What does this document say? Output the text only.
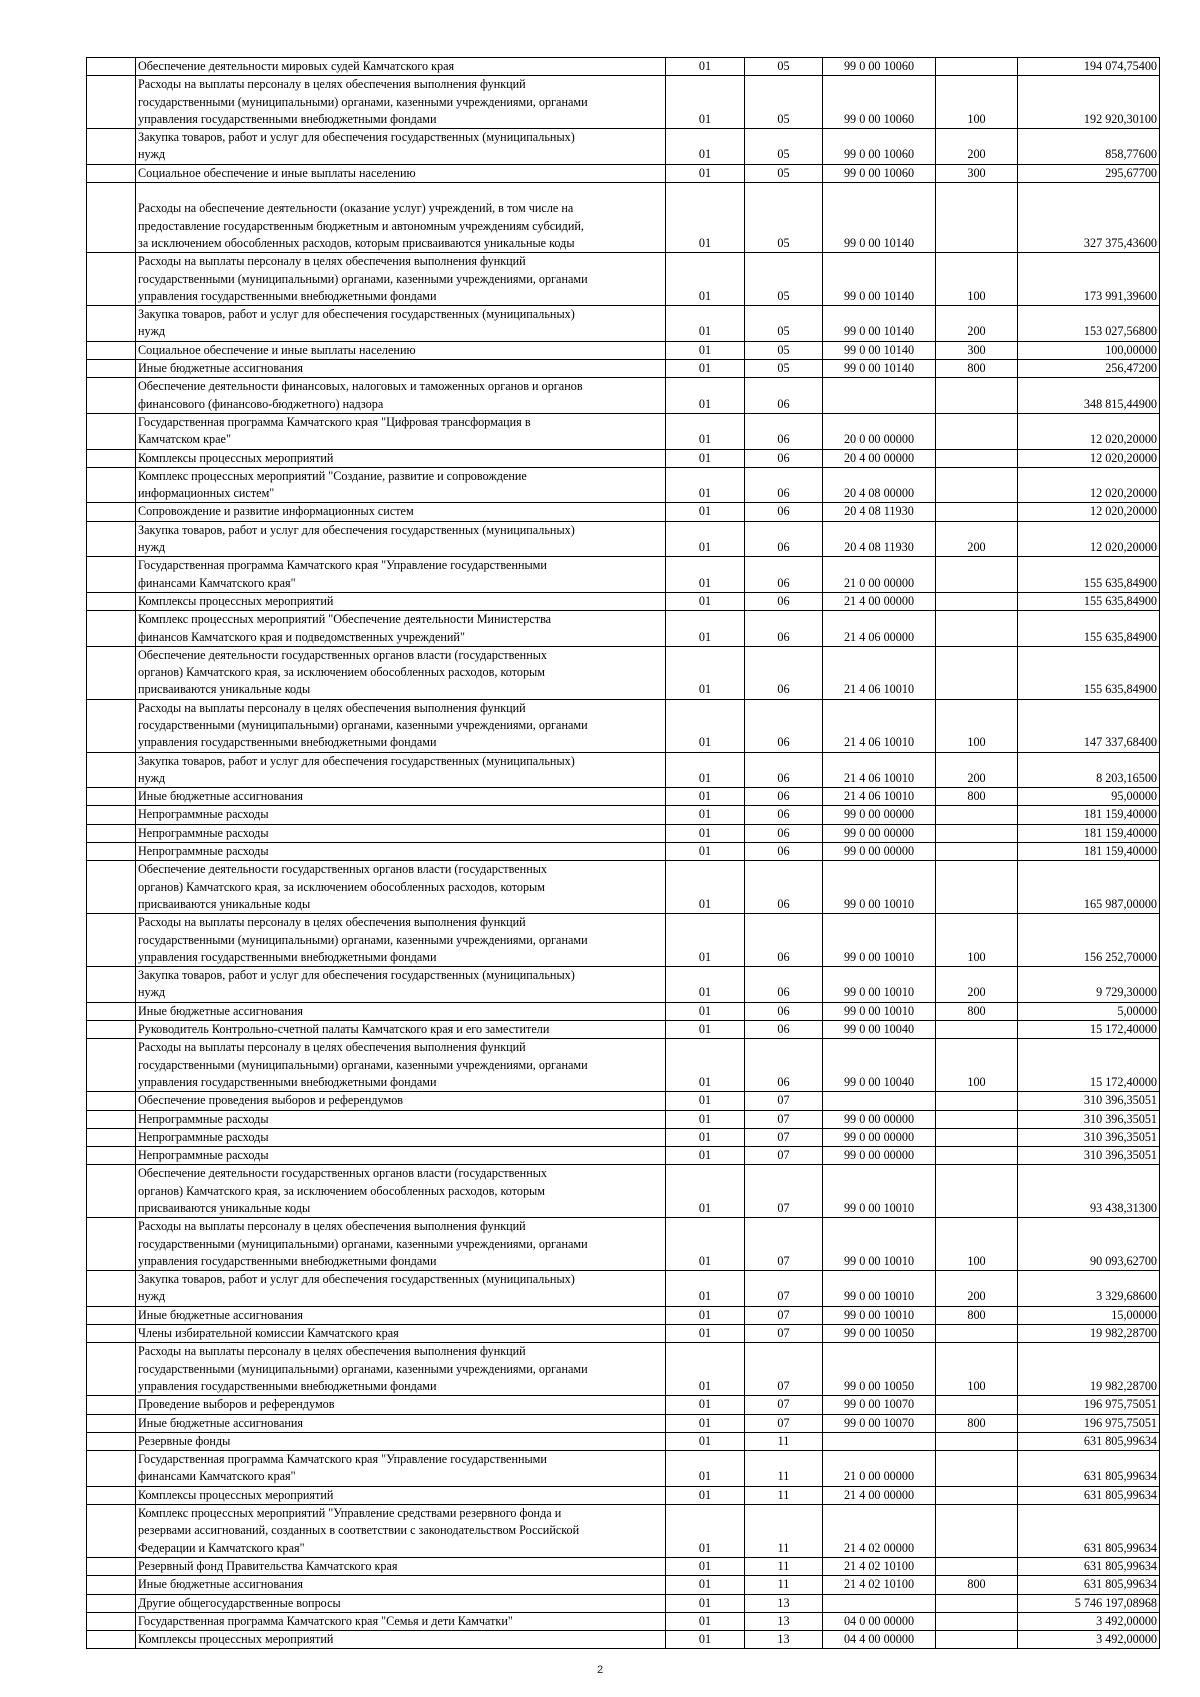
	Обеспечение деятельности мировых судей Камчатского края	01	05	99 0 00 10060		194 074,75400
	Расходы на выплаты персоналу в целях обеспечения выполнения функций
государственными (муниципальными) органами, казенными учреждениями, органами
управления государственными внебюджетными фондами	01	05	99 0 00 10060	100	192 920,30100
	Закупка товаров, работ и услуг для обеспечения государственных (муниципальных)
нужд	01	05	99 0 00 10060	200	858,77600
	Социальное обеспечение и иные выплаты населению	01	05	99 0 00 10060	300	295,67700

Расходы на обеспечение деятельности (оказание услуг) учреждений, в том числе на
предоставление государственным бюджетным и автономным учреждениям субсидий,
за исключением обособленных расходов, которым присваиваются уникальные коды	01	05	99 0 00 10140		327 375,43600
	Расходы на выплаты персоналу в целях обеспечения выполнения функций
государственными (муниципальными) органами, казенными учреждениями, органами
управления государственными внебюджетными фондами	01	05	99 0 00 10140	100	173 991,39600
	Закупка товаров, работ и услуг для обеспечения государственных (муниципальных)
нужд	01	05	99 0 00 10140	200	153 027,56800
	Социальное обеспечение и иные выплаты населению	01	05	99 0 00 10140	300	100,00000
	Иные бюджетные ассигнования	01	05	99 0 00 10140	800	256,47200
	Обеспечение деятельности финансовых, налоговых и таможенных органов и органов
финансового (финансово-бюджетного) надзора	01	06			348 815,44900
	Государственная программа Камчатского края "Цифровая трансформация в
Камчатском крае"	01	06	20 0 00 00000		12 020,20000
	Комплексы процессных мероприятий	01	06	20 4 00 00000		12 020,20000
	Комплекс процессных мероприятий "Создание, развитие и сопровождение
информационных систем"	01	06	20 4 08 00000		12 020,20000
	Сопровождение и развитие информационных систем	01	06	20 4 08 11930		12 020,20000
	Закупка товаров, работ и услуг для обеспечения государственных (муниципальных)
нужд	01	06	20 4 08 11930	200	12 020,20000
	Государственная программа Камчатского края "Управление государственными
финансами Камчатского края"	01	06	21 0 00 00000		155 635,84900
	Комплексы процессных мероприятий	01	06	21 4 00 00000		155 635,84900
	Комплекс процессных мероприятий "Обеспечение деятельности Министерства
финансов Камчатского края и подведомственных учреждений"	01	06	21 4 06 00000		155 635,84900
	Обеспечение деятельности государственных органов власти (государственных
органов) Камчатского края, за исключением обособленных расходов, которым
присваиваются уникальные коды	01	06	21 4 06 10010		155 635,84900
	Расходы на выплаты персоналу в целях обеспечения выполнения функций
государственными (муниципальными) органами, казенными учреждениями, органами
управления государственными внебюджетными фондами	01	06	21 4 06 10010	100	147 337,68400
	Закупка товаров, работ и услуг для обеспечения государственных (муниципальных)
нужд	01	06	21 4 06 10010	200	8 203,16500
	Иные бюджетные ассигнования	01	06	21 4 06 10010	800	95,00000
	Непрограммные расходы	01	06	99 0 00 00000		181 159,40000
	Непрограммные расходы	01	06	99 0 00 00000		181 159,40000
	Непрограммные расходы	01	06	99 0 00 00000		181 159,40000
	Обеспечение деятельности государственных органов власти (государственных
органов) Камчатского края, за исключением обособленных расходов, которым
присваиваются уникальные коды	01	06	99 0 00 10010		165 987,00000
	Расходы на выплаты персоналу в целях обеспечения выполнения функций
государственными (муниципальными) органами, казенными учреждениями, органами
управления государственными внебюджетными фондами	01	06	99 0 00 10010	100	156 252,70000
	Закупка товаров, работ и услуг для обеспечения государственных (муниципальных)
нужд	01	06	99 0 00 10010	200	9 729,30000
	Иные бюджетные ассигнования	01	06	99 0 00 10010	800	5,00000
	Руководитель Контрольно-счетной палаты Камчатского края и его заместители	01	06	99 0 00 10040		15 172,40000
	Расходы на выплаты персоналу в целях обеспечения выполнения функций
государственными (муниципальными) органами, казенными учреждениями, органами
управления государственными внебюджетными фондами	01	06	99 0 00 10040	100	15 172,40000
	Обеспечение проведения выборов и референдумов	01	07			310 396,35051
	Непрограммные расходы	01	07	99 0 00 00000		310 396,35051
	Непрограммные расходы	01	07	99 0 00 00000		310 396,35051
	Непрограммные расходы	01	07	99 0 00 00000		310 396,35051
	Обеспечение деятельности государственных органов власти (государственных
органов) Камчатского края, за исключением обособленных расходов, которым
присваиваются уникальные коды	01	07	99 0 00 10010		93 438,31300
	Расходы на выплаты персоналу в целях обеспечения выполнения функций
государственными (муниципальными) органами, казенными учреждениями, органами
управления государственными внебюджетными фондами	01	07	99 0 00 10010	100	90 093,62700
	Закупка товаров, работ и услуг для обеспечения государственных (муниципальных)
нужд	01	07	99 0 00 10010	200	3 329,68600
	Иные бюджетные ассигнования	01	07	99 0 00 10010	800	15,00000
	Члены избирательной комиссии Камчатского края	01	07	99 0 00 10050		19 982,28700
	Расходы на выплаты персоналу в целях обеспечения выполнения функций
государственными (муниципальными) органами, казенными учреждениями, органами
управления государственными внебюджетными фондами	01	07	99 0 00 10050	100	19 982,28700
	Проведение выборов и референдумов	01	07	99 0 00 10070		196 975,75051
	Иные бюджетные ассигнования	01	07	99 0 00 10070	800	196 975,75051
	Резервные фонды	01	11			631 805,99634
	Государственная программа Камчатского края "Управление государственными
финансами Камчатского края"	01	11	21 0 00 00000		631 805,99634
	Комплексы процессных мероприятий	01	11	21 4 00 00000		631 805,99634
	Комплекс процессных мероприятий "Управление средствами резервного фонда и
резервами ассигнований, созданных в соответствии с законодательством Российской
Федерации и Камчатского края"	01	11	21 4 02 00000		631 805,99634
	Резервный фонд Правительства Камчатского края	01	11	21 4 02 10100		631 805,99634
	Иные бюджетные ассигнования	01	11	21 4 02 10100	800	631 805,99634
	Другие общегосударственные вопросы	01	13			5 746 197,08968
	Государственная программа Камчатского края "Семья и дети Камчатки"	01	13	04 0 00 00000		3 492,00000
	Комплексы процессных мероприятий	01	13	04 4 00 00000		3 492,00000
2
